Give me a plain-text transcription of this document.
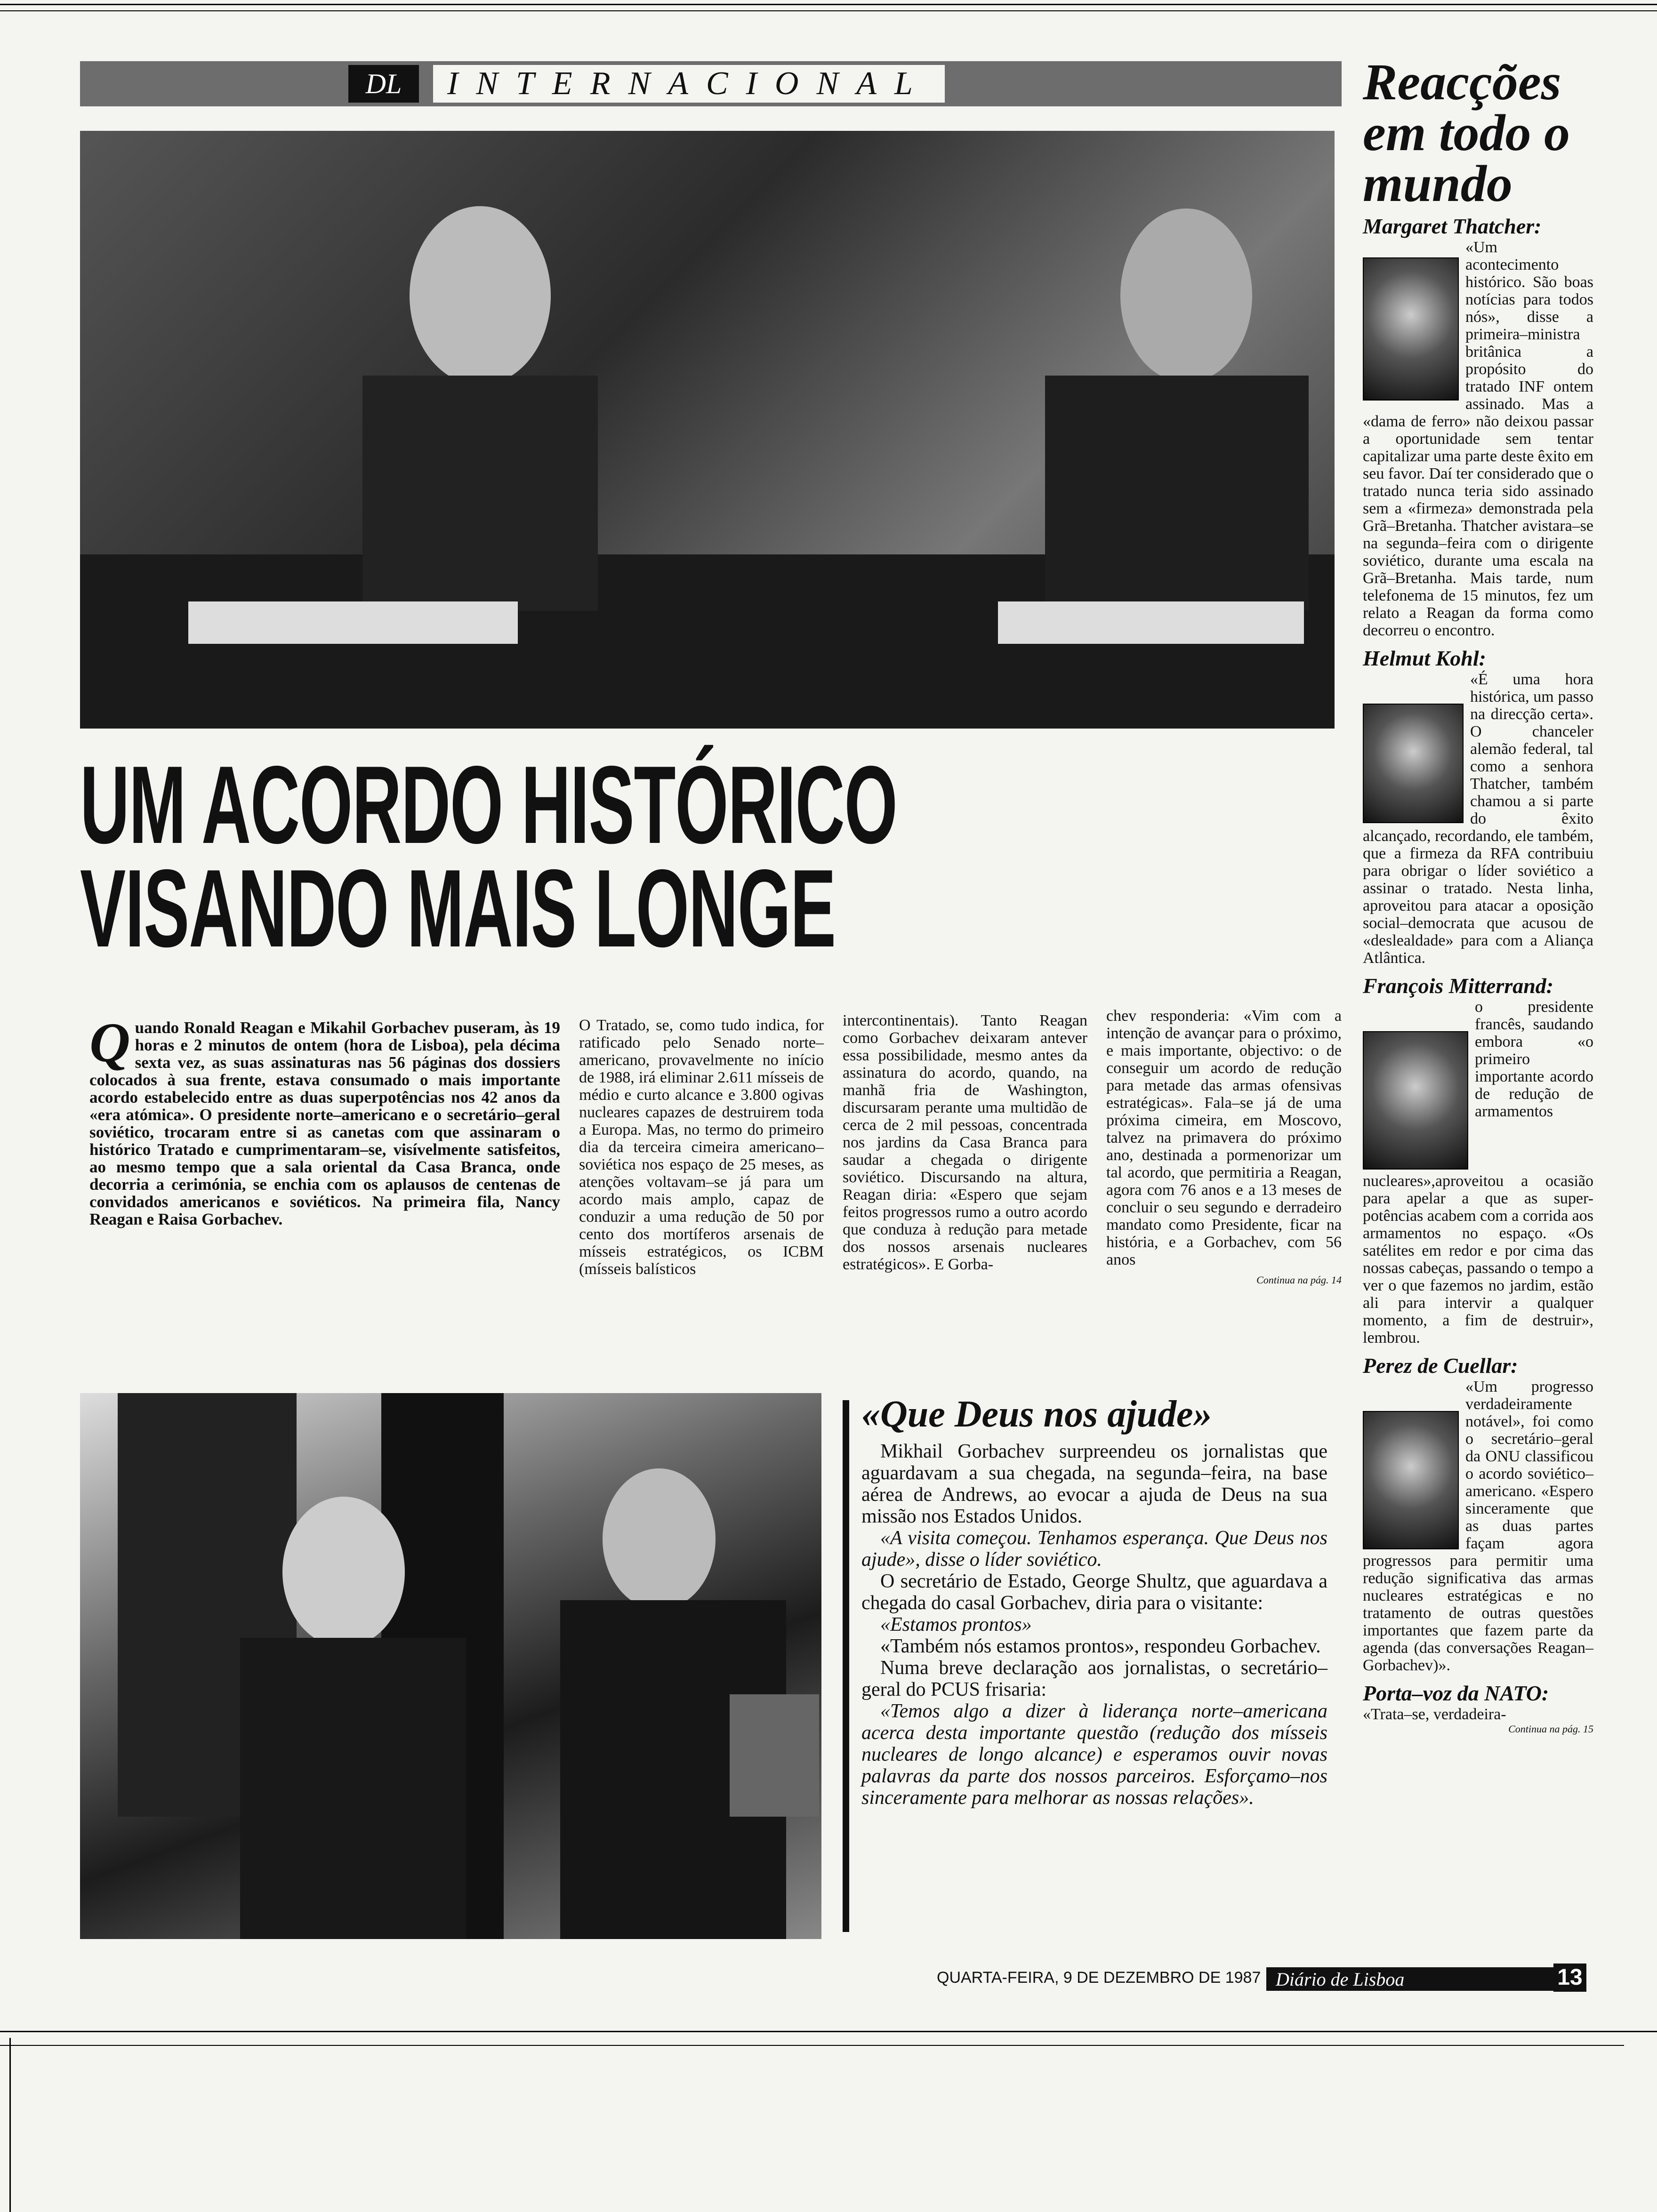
DL	INTERNACIONAL
UM ACORDO HISTÓRICO
VISANDO MAIS LONGE
Q uando Ronald Reagan e Mikahil Gorbachev puseram, às 19 horas e 2 minutos de ontem (hora de Lisboa), pela décima sexta vez, as suas assinaturas nas 56 páginas dos dossiers colocados à sua frente, estava consumado o mais importante acordo estabelecido entre as duas superpotências nos 42 anos da «era atómica». O presidente norte–americano e o secretário–geral soviético, trocaram entre si as canetas com que assinaram o histórico Tratado e cumprimentaram–se, visívelmente satisfeitos, ao mesmo tempo que a sala oriental da Casa Branca, onde decorria a cerimónia, se enchia com os aplausos de centenas de convidados americanos e soviéticos. Na primeira fila, Nancy Reagan e Raisa Gorbachev.
O Tratado, se, como tudo indica, for ratificado pelo Senado norte–americano, provavelmente no início de 1988, irá eliminar 2.611 mísseis de médio e curto alcance e 3.800 ogivas nucleares capazes de destruirem toda a Europa. Mas, no termo do primeiro dia da terceira cimeira americano–soviética nos espaço de 25 meses, as atenções voltavam–se já para um acordo mais amplo, capaz de conduzir a uma redução de 50 por cento dos mortíferos arsenais de mísseis estratégicos, os ICBM (mísseis balísticos
intercontinentais). Tanto Reagan como Gorbachev deixaram antever essa possibilidade, mesmo antes da assinatura do acordo, quando, na manhã fria de Washington, discursaram perante uma multidão de cerca de 2 mil pessoas, concentrada nos jardins da Casa Branca para saudar a chegada o dirigente soviético. Discursando na altura, Reagan diria: «Espero que sejam feitos progressos rumo a outro acordo que conduza à redução para metade dos nossos arsenais nucleares estratégicos». E Gorba-
chev responderia: «Vim com a intenção de avançar para o próximo, e mais importante, objectivo: o de conseguir um acordo de redução para metade das armas ofensivas estratégicas». Fala–se já de uma próxima cimeira, em Moscovo, talvez na primavera do próximo ano, destinada a pormenorizar um tal acordo, que permitiria a Reagan, agora com 76 anos e a 13 meses de concluir o seu segundo e derradeiro mandato como Presidente, ficar na história, e a Gorbachev, com 56 anos
Continua na pág. 14
«Que Deus nos ajude»
Mikhail Gorbachev surpreendeu os jornalistas que aguardavam a sua chegada, na segunda–feira, na base aérea de Andrews, ao evocar a ajuda de Deus na sua missão nos Estados Unidos.
«A visita começou. Tenhamos esperança. Que Deus nos ajude», disse o líder soviético.
O secretário de Estado, George Shultz, que aguardava a chegada do casal Gorbachev, diria para o visitante:
«Estamos prontos»
«Também nós estamos prontos», respondeu Gorbachev.
Numa breve declaração aos jornalistas, o secretário–geral do PCUS frisaria:
«Temos algo a dizer à liderança norte–americana acerca desta importante questão (redução dos mísseis nucleares de longo alcance) e esperamos ouvir novas palavras da parte dos nossos parceiros. Esforçamo–nos sinceramente para melhorar as nossas relações».
Reacções em todo o mundo
Margaret Thatcher:
«Um acontecimento histórico. São boas notícias para todos nós», disse a primeira–ministra britânica a propósito do tratado INF ontem assinado. Mas a «dama de ferro» não deixou passar a oportunidade sem tentar capitalizar uma parte deste êxito em seu favor. Daí ter considerado que o tratado nunca teria sido assinado sem a «firmeza» demonstrada pela Grã–Bretanha. Thatcher avistara–se na segunda–feira com o dirigente soviético, durante uma escala na Grã–Bretanha. Mais tarde, num telefonema de 15 minutos, fez um relato a Reagan da forma como decorreu o encontro.
Helmut Kohl:
«É uma hora histórica, um passo na direcção certa». O chanceler alemão federal, tal como a senhora Thatcher, também chamou a si parte do êxito alcançado, recordando, ele também, que a firmeza da RFA contribuiu para obrigar o líder soviético a assinar o tratado. Nesta linha, aproveitou para atacar a oposição social–democrata que acusou de «deslealdade» para com a Aliança Atlântica.
François Mitterrand:
o presidente francês, saudando embora «o primeiro importante acordo de redução de armamentos nucleares»,aproveitou a ocasião para apelar a que as super- potências acabem com a corrida aos armamentos no espaço. «Os satélites em redor e por cima das nossas cabeças, passando o tempo a ver o que fazemos no jardim, estão ali para intervir a qualquer momento, a fim de destruir», lembrou.
Perez de Cuellar:
«Um progresso verdadeiramente notável», foi como o secretário–geral da ONU classificou o acordo soviético–americano. «Espero sinceramente que as duas partes façam agora progressos para permitir uma redução significativa das armas nucleares estratégicas e no tratamento de outras questões importantes que fazem parte da agenda (das conversações Reagan–Gorbachev)».
Porta–voz da NATO:
«Trata–se, verdadeira-
Continua na pág. 15
QUARTA-FEIRA, 9 DE DEZEMBRO DE 1987 Diário de Lisboa	13
